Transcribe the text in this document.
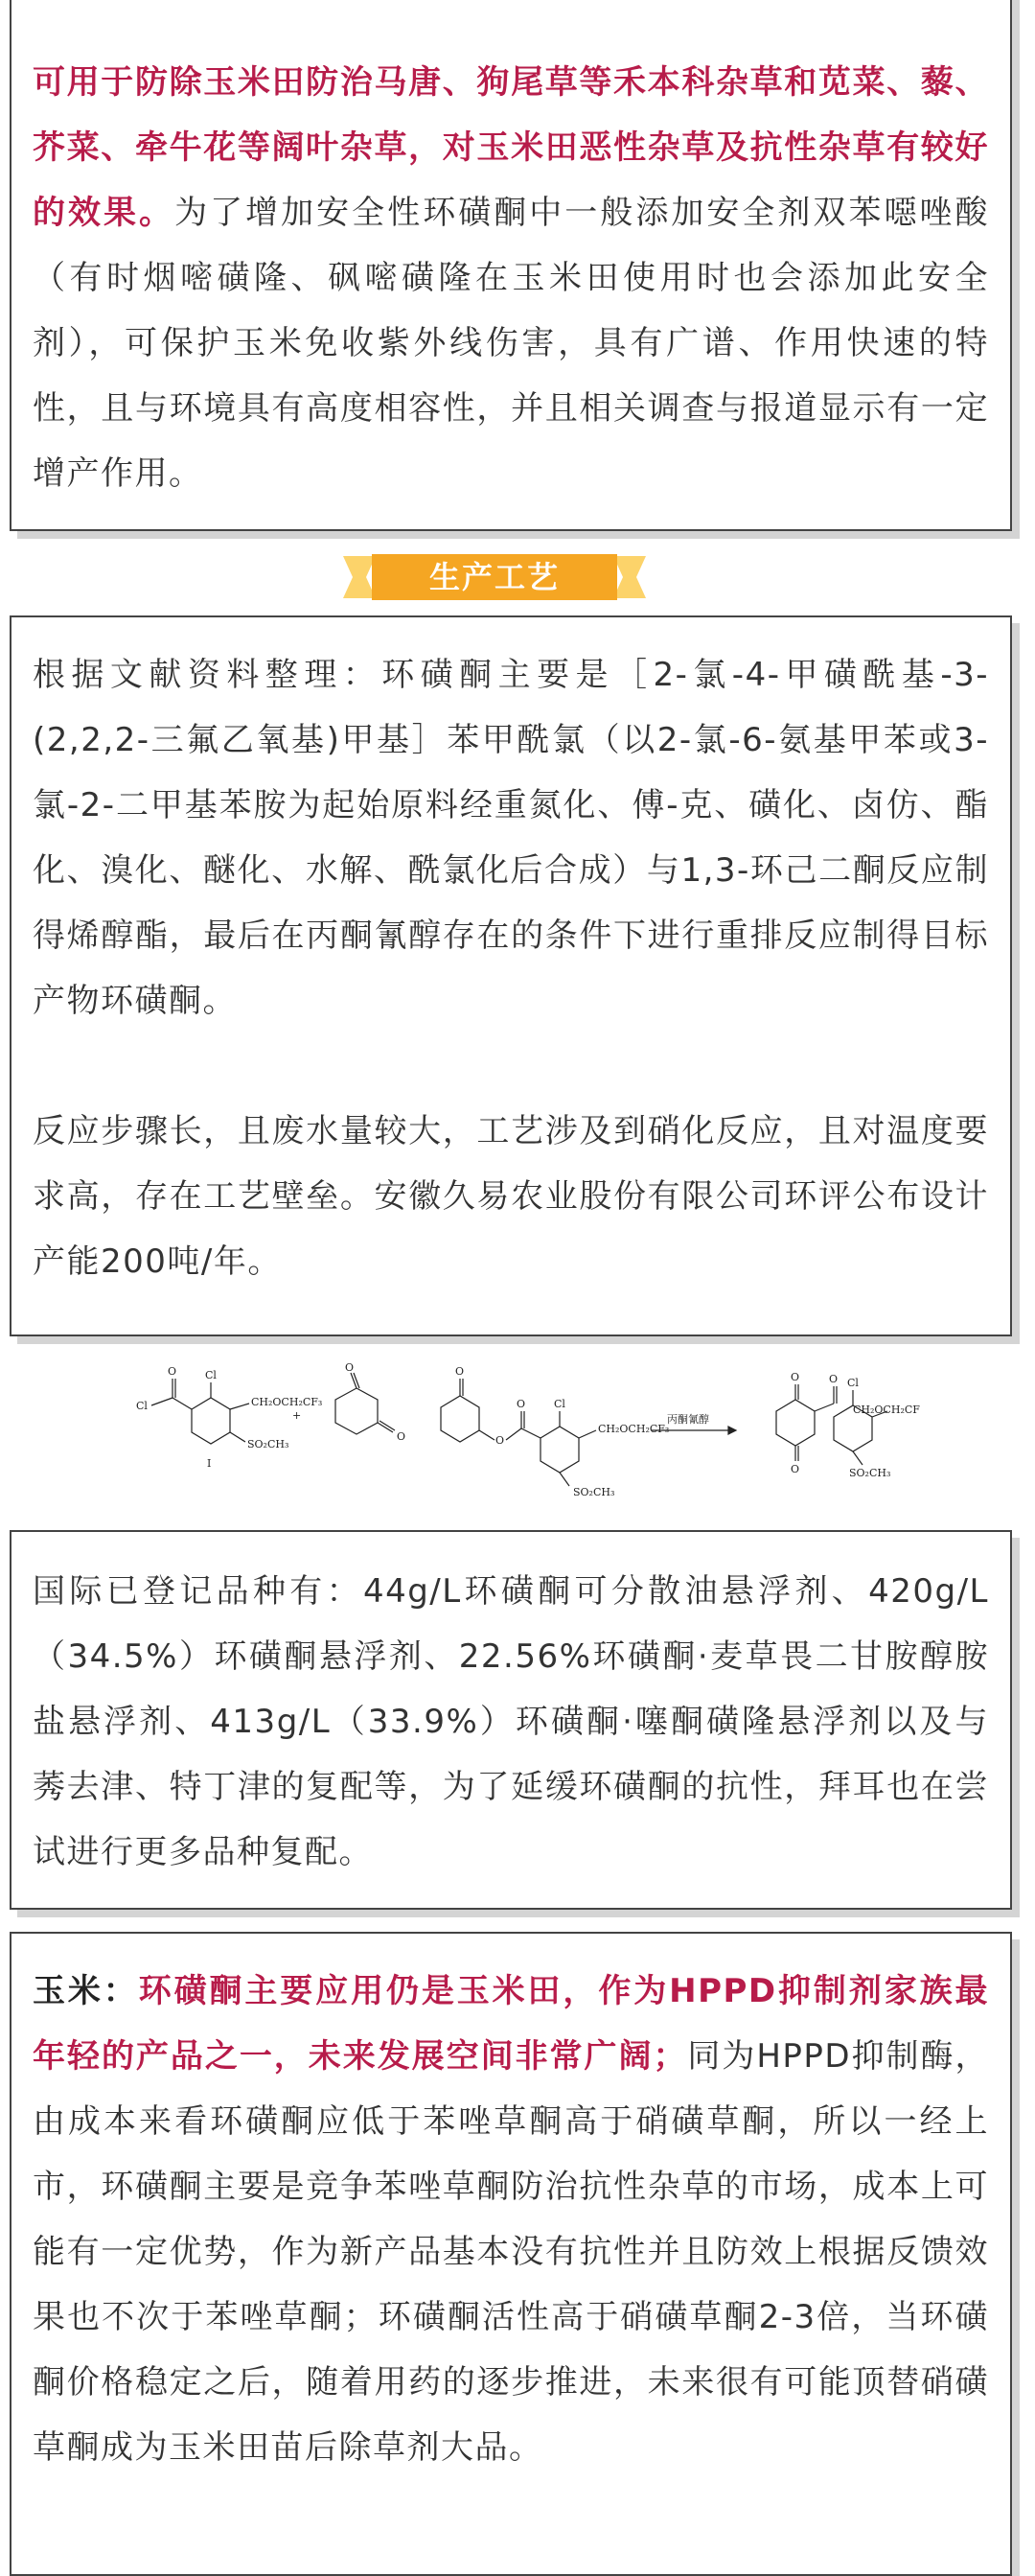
可用于防除玉米田防治马唐、狗尾草等禾本科杂草和苋菜、藜、芥菜、牵牛花等阔叶杂草，对玉米田恶性杂草及抗性杂草有较好的效果。为了增加安全性环磺酮中一般添加安全剂双苯噁唑酸（有时烟嘧磺隆、砜嘧磺隆在玉米田使用时也会添加此安全剂），可保护玉米免收紫外线伤害，具有广谱、作用快速的特性，且与环境具有高度相容性，并且相关调查与报道显示有一定增产作用。

生产工艺

根据文献资料整理：环磺酮主要是［2-氯-4-甲磺酰基-3-(2,2,2-三氟乙氧基)甲基］苯甲酰氯（以2-氯-6-氨基甲苯或3-氯-2-二甲基苯胺为起始原料经重氮化、傅-克、磺化、卤仿、酯化、溴化、醚化、水解、酰氯化后合成）与1,3-环己二酮反应制得烯醇酯，最后在丙酮氰醇存在的条件下进行重排反应制得目标产物环磺酮。

反应步骤长，且废水量较大，工艺涉及到硝化反应，且对温度要求高，存在工艺壁垒。安徽久易农业股份有限公司环评公布设计产能200吨/年。

Cl
O	Cl
CH₂OCH₂CF₃
SO₂CH₃
I
+
O
O
O
O
O	Cl
CH₂OCH₂CF₃
SO₂CH₃
丙酮氰醇
O
O
O Cl
CH₂OCH₂CF₃
SO₂CH₃

国际已登记品种有：44g/L环磺酮可分散油悬浮剂、420g/L（34.5%）环磺酮悬浮剂、22.56%环磺酮·麦草畏二甘胺醇胺盐悬浮剂、413g/L（33.9%）环磺酮·噻酮磺隆悬浮剂以及与莠去津、特丁津的复配等，为了延缓环磺酮的抗性，拜耳也在尝试进行更多品种复配。

玉米：环磺酮主要应用仍是玉米田，作为HPPD抑制剂家族最年轻的产品之一，未来发展空间非常广阔；同为HPPD抑制酶，由成本来看环磺酮应低于苯唑草酮高于硝磺草酮，所以一经上市，环磺酮主要是竞争苯唑草酮防治抗性杂草的市场，成本上可能有一定优势，作为新产品基本没有抗性并且防效上根据反馈效果也不次于苯唑草酮；环磺酮活性高于硝磺草酮2-3倍，当环磺酮价格稳定之后，随着用药的逐步推进，未来很有可能顶替硝磺草酮成为玉米田苗后除草剂大品。
